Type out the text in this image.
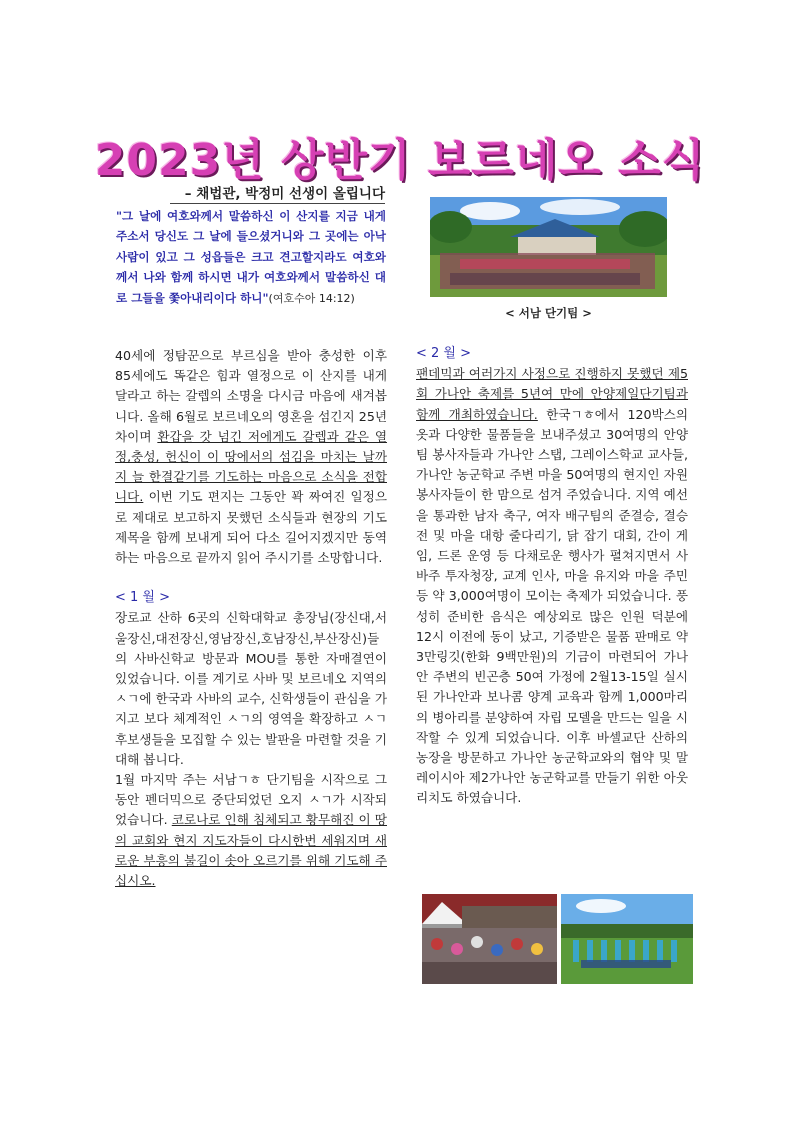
2023년 상반기 보르네오 소식
– 채법관, 박정미 선생이 올립니다
"그 날에 여호와께서 말씀하신 이 산지를 지금 내게 주소서 당신도 그 날에 들으셨거니와 그 곳에는 아낙 사람이 있고 그 성읍들은 크고 견고할지라도 여호와께서 나와 함께 하시면 내가 여호와께서 말씀하신 대로 그들을 쫓아내리이다 하니"(여호수아 14:12)
< 서남 단기팀 >

40세에 정탐꾼으로 부르심을 받아 충성한 이후 85세에도 똑같은 힘과 열정으로 이 산지를 내게 달라고 하는 갈렙의 소명을 다시금 마음에 새겨봅니다. 올해 6월로 보르네오의 영혼을 섬긴지 25년차이며 환갑을 갓 넘긴 저에게도 갈렙과 같은 열정,충성, 헌신이 이 땅에서의 섬김을 마치는 날까지 늘 한결같기를 기도하는 마음으로 소식을 전합니다. 이번 기도 편지는 그동안 꽉 짜여진 일정으로 제대로 보고하지 못했던 소식들과 현장의 기도 제목을 함께 보내게 되어 다소 길어지겠지만 동역하는 마음으로 끝까지 읽어 주시기를 소망합니다.

< 1 월 >

장로교 산하 6곳의 신학대학교 총장님(장신대,서울장신,대전장신,영남장신,호남장신,부산장신)들의 사바신학교 방문과 MOU를 통한 자매결연이 있었습니다. 이를 계기로 사바 및 보르네오 지역의 ㅅㄱ에 한국과 사바의 교수, 신학생들이 관심을 가지고 보다 체계적인 ㅅㄱ의 영역을 확장하고 ㅅㄱ후보생들을 모집할 수 있는 발판을 마련할 것을 기대해 봅니다.

1월 마지막 주는 서남ㄱㅎ 단기팀을 시작으로 그동안 펜더믹으로 중단되었던 오지 ㅅㄱ가 시작되었습니다. 코로나로 인해 침체되고 황무해진 이 땅의 교회와 현지 지도자들이 다시한번 세워지며 새로운 부흥의 불길이 솟아 오르기를 위해 기도해 주십시오.

< 2 월 >

팬데믹과 여러가지 사정으로 진행하지 못했던 제5회 가나안 축제를 5년여 만에 안양제일단기팀과 함께 개최하였습니다. 한국ㄱㅎ에서 120박스의 옷과 다양한 물품들을 보내주셨고 30여명의 안양팀 봉사자들과 가나안 스탭, 그레이스학교 교사들, 가나안 농군학교 주변 마을 50여명의 현지인 자원봉사자들이 한 맘으로 섬겨 주었습니다. 지역 예선을 통과한 남자 축구, 여자 배구팀의 준결승, 결승전 및 마을 대항 줄다리기, 닭 잡기 대회, 간이 게임, 드론 운영 등 다채로운 행사가 펼쳐지면서 사바주 투자청장, 교계 인사, 마을 유지와 마을 주민등 약 3,000여명이 모이는 축제가 되었습니다. 풍성히 준비한 음식은 예상외로 많은 인원 덕분에 12시 이전에 동이 났고, 기증받은 물품 판매로 약 3만링깃(한화 9백만원)의 기금이 마련되어 가나안 주변의 빈곤층 50여 가정에 2월13-15일 실시된 가나안과 보나콤 양계 교육과 함께 1,000마리의 병아리를 분양하여 자립 모델을 만드는 일을 시작할 수 있게 되었습니다. 이후 바셀교단 산하의 농장을 방문하고 가나안 농군학교와의 협약 및 말레이시아 제2가나안 농군학교를 만들기 위한 아웃리치도 하였습니다.
